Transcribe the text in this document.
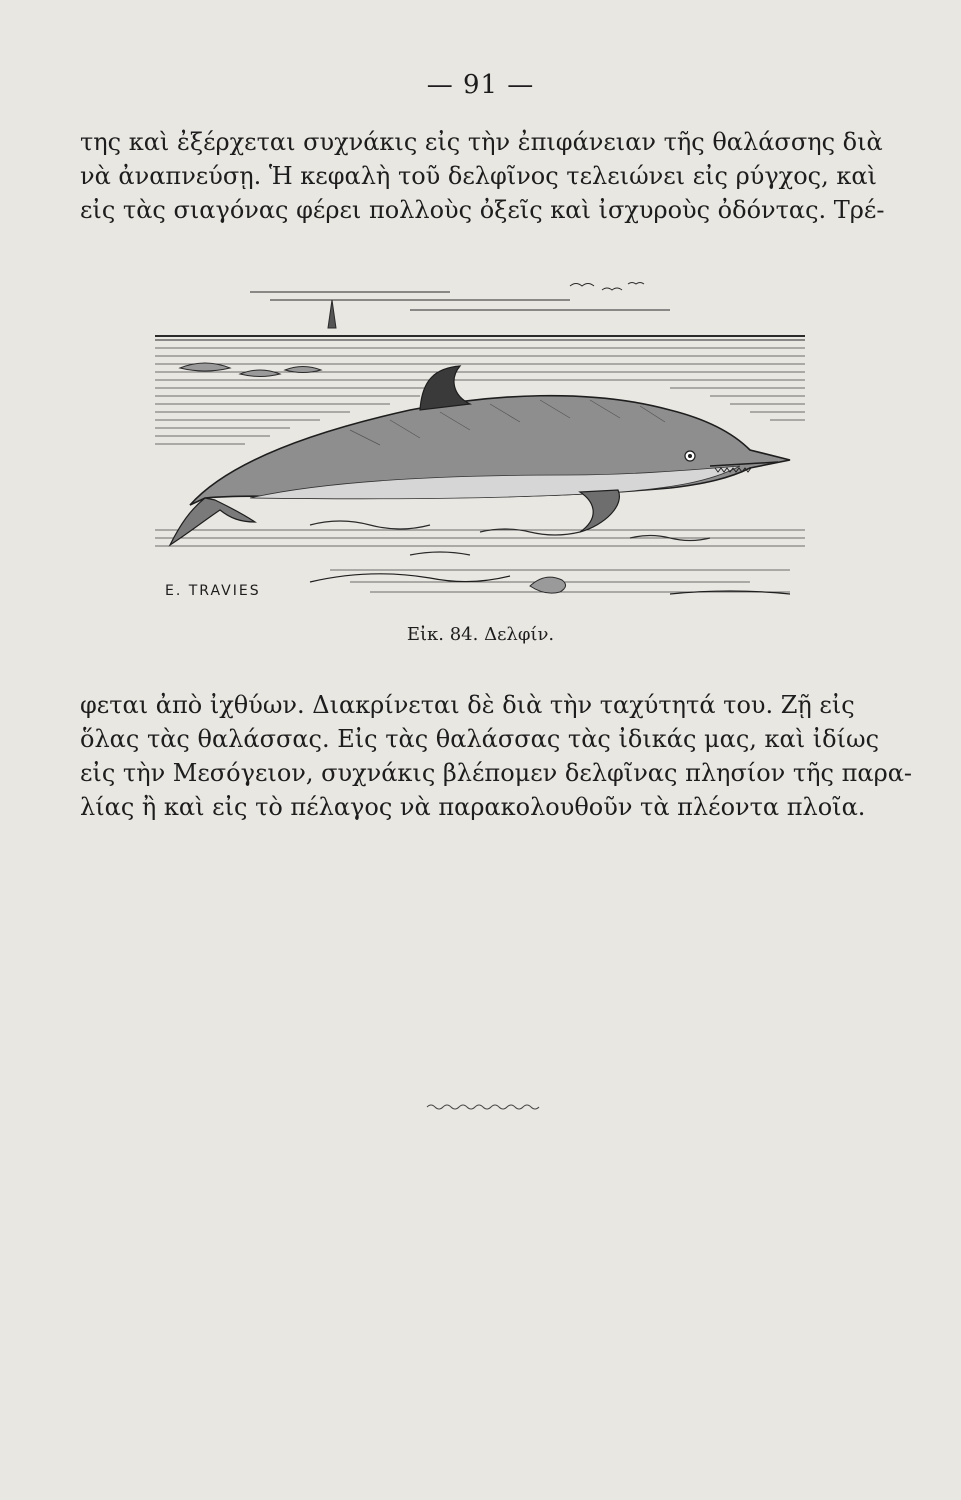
— 91 —

της καὶ ἐξέρχεται συχνάκις εἰς τὴν ἐπιφάνειαν τῆς θαλάσσης διὰ
νὰ ἀναπνεύσῃ. Ἡ κεφαλὴ τοῦ δελφῖνος τελειώνει εἰς ρύγχος, καὶ
εἰς τὰς σιαγόνας φέρει πολλοὺς ὀξεῖς καὶ ἰσχυροὺς ὀδόντας. Τρέ-

E. TRAVIES
Εἰκ. 84. Δελφίν.

φεται ἀπὸ ἰχθύων. Διακρίνεται δὲ διὰ τὴν ταχύτητά του. Ζῇ εἰς
ὅλας τὰς θαλάσσας. Εἰς τὰς θαλάσσας τὰς ἰδικάς μας, καὶ ἰδίως
εἰς τὴν Μεσόγειον, συχνάκις βλέπομεν δελφῖνας πλησίον τῆς παρα-
λίας ἢ καὶ εἰς τὸ πέλαγος νὰ παρακολουθοῦν τὰ πλέοντα πλοῖα.
